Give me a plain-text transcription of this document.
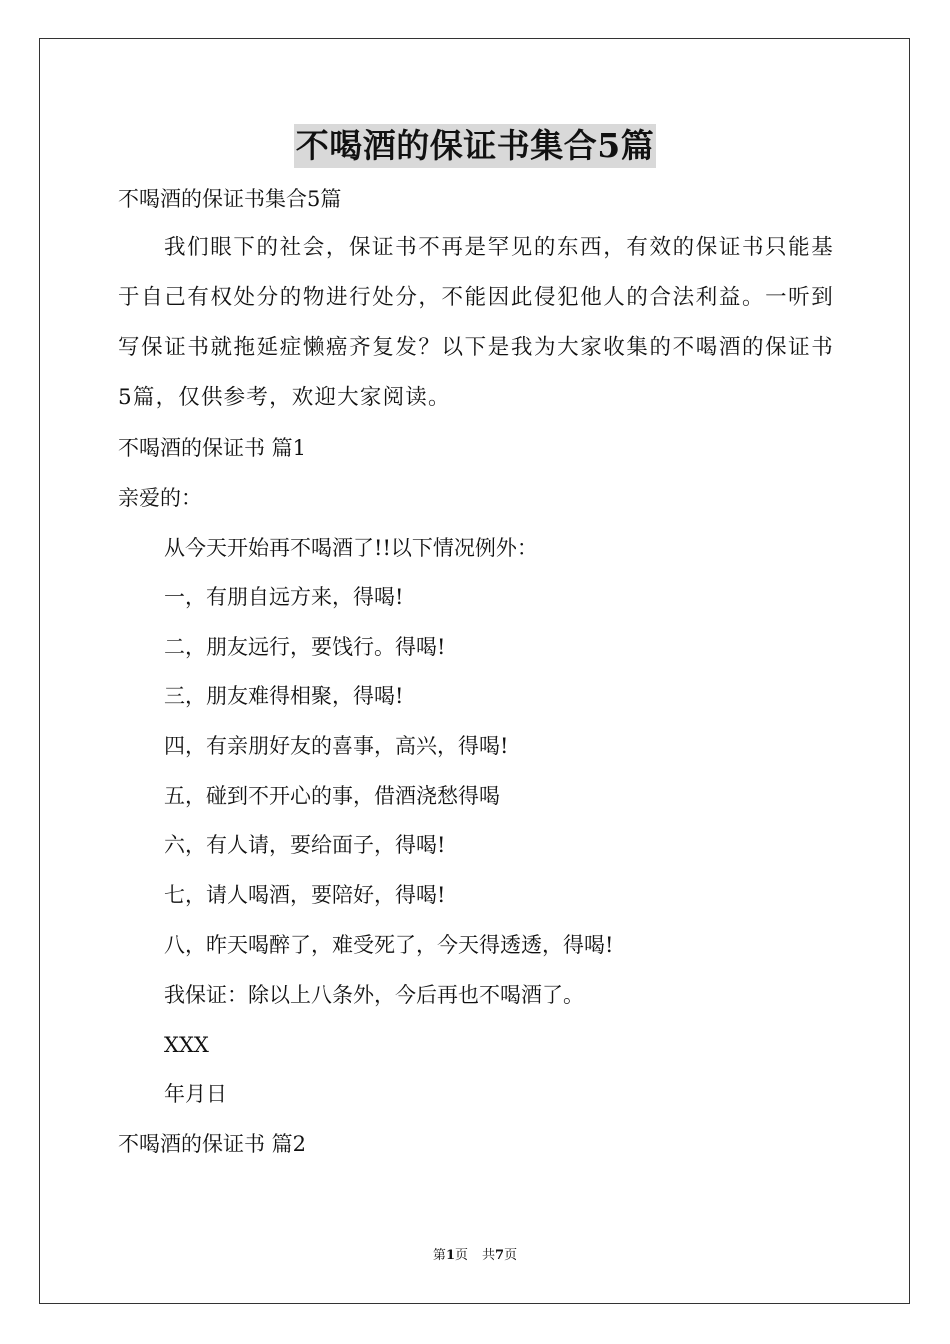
不喝酒的保证书集合5篇
不喝酒的保证书集合5篇
我们眼下的社会，保证书不再是罕见的东西，有效的保证书只能基于自己有权处分的物进行处分，不能因此侵犯他人的合法利益。一听到写保证书就拖延症懒癌齐复发？以下是我为大家收集的不喝酒的保证书5篇，仅供参考，欢迎大家阅读。
不喝酒的保证书 篇1
亲爱的：
从今天开始再不喝酒了!!以下情况例外：
一，有朋自远方来，得喝!
二，朋友远行，要饯行。得喝!
三，朋友难得相聚，得喝!
四，有亲朋好友的喜事，高兴，得喝!
五，碰到不开心的事，借酒浇愁得喝
六，有人请，要给面子，得喝!
七，请人喝酒，要陪好，得喝!
八，昨天喝醉了，难受死了，今天得透透，得喝!
我保证：除以上八条外，今后再也不喝酒了。
XXX
年月日
不喝酒的保证书 篇2
第1页 共7页
